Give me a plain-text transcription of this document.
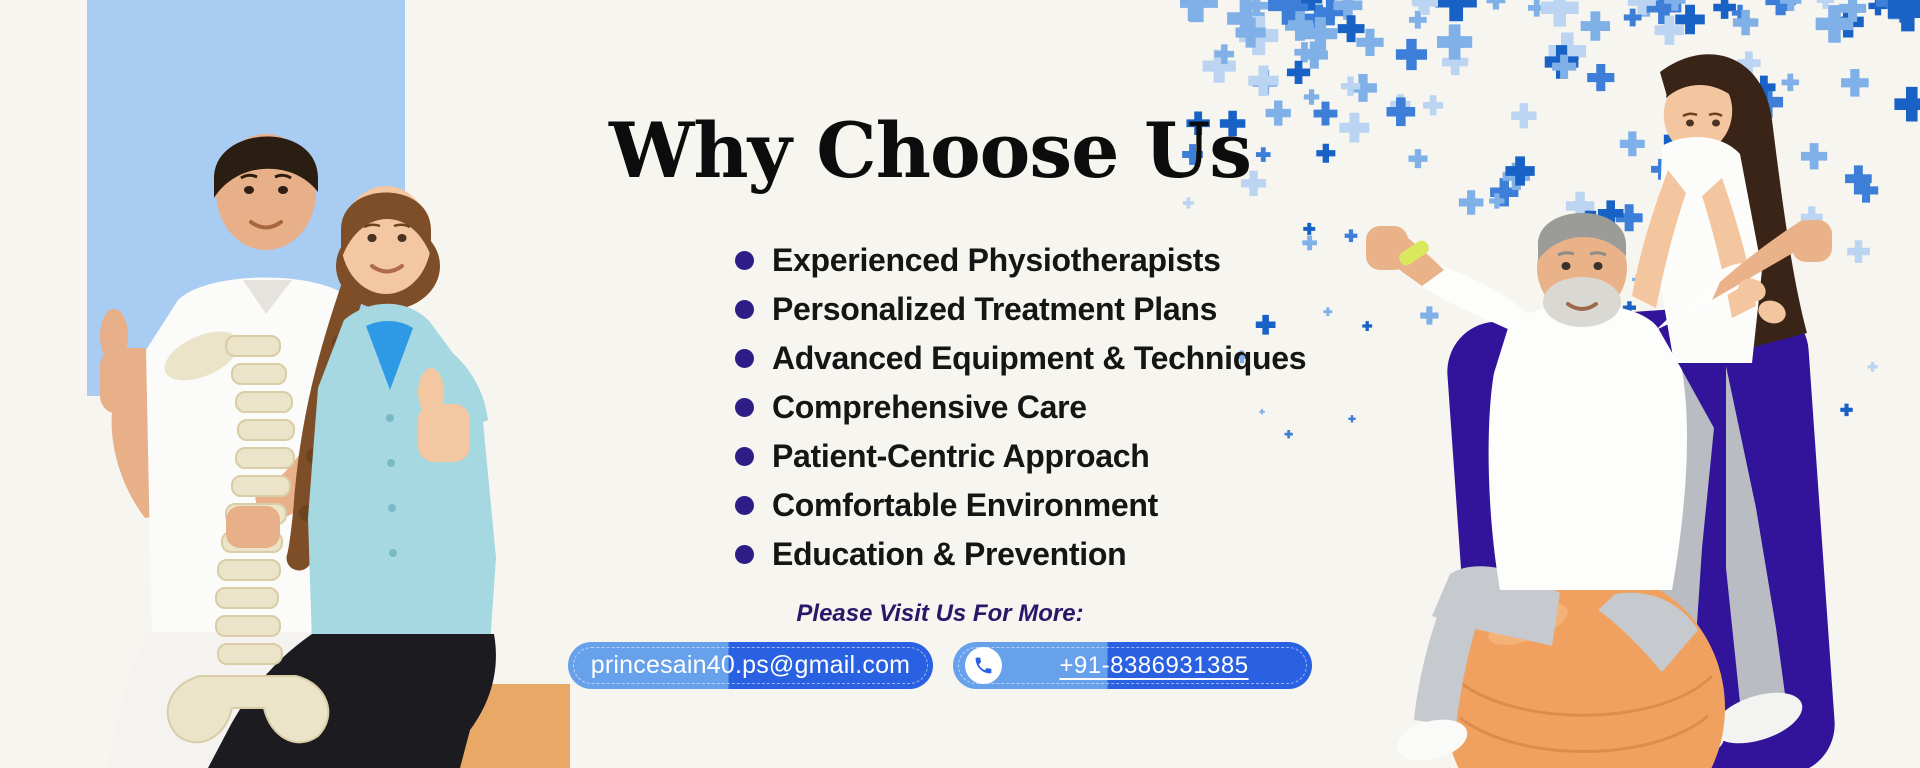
Why Choose Us
Experienced Physiotherapists
Personalized Treatment Plans
Advanced Equipment & Techniques
Comprehensive Care
Patient-Centric Approach
Comfortable Environment
Education & Prevention

Please Visit Us For More:

princesain40.ps@gmail.com	+91-8386931385
